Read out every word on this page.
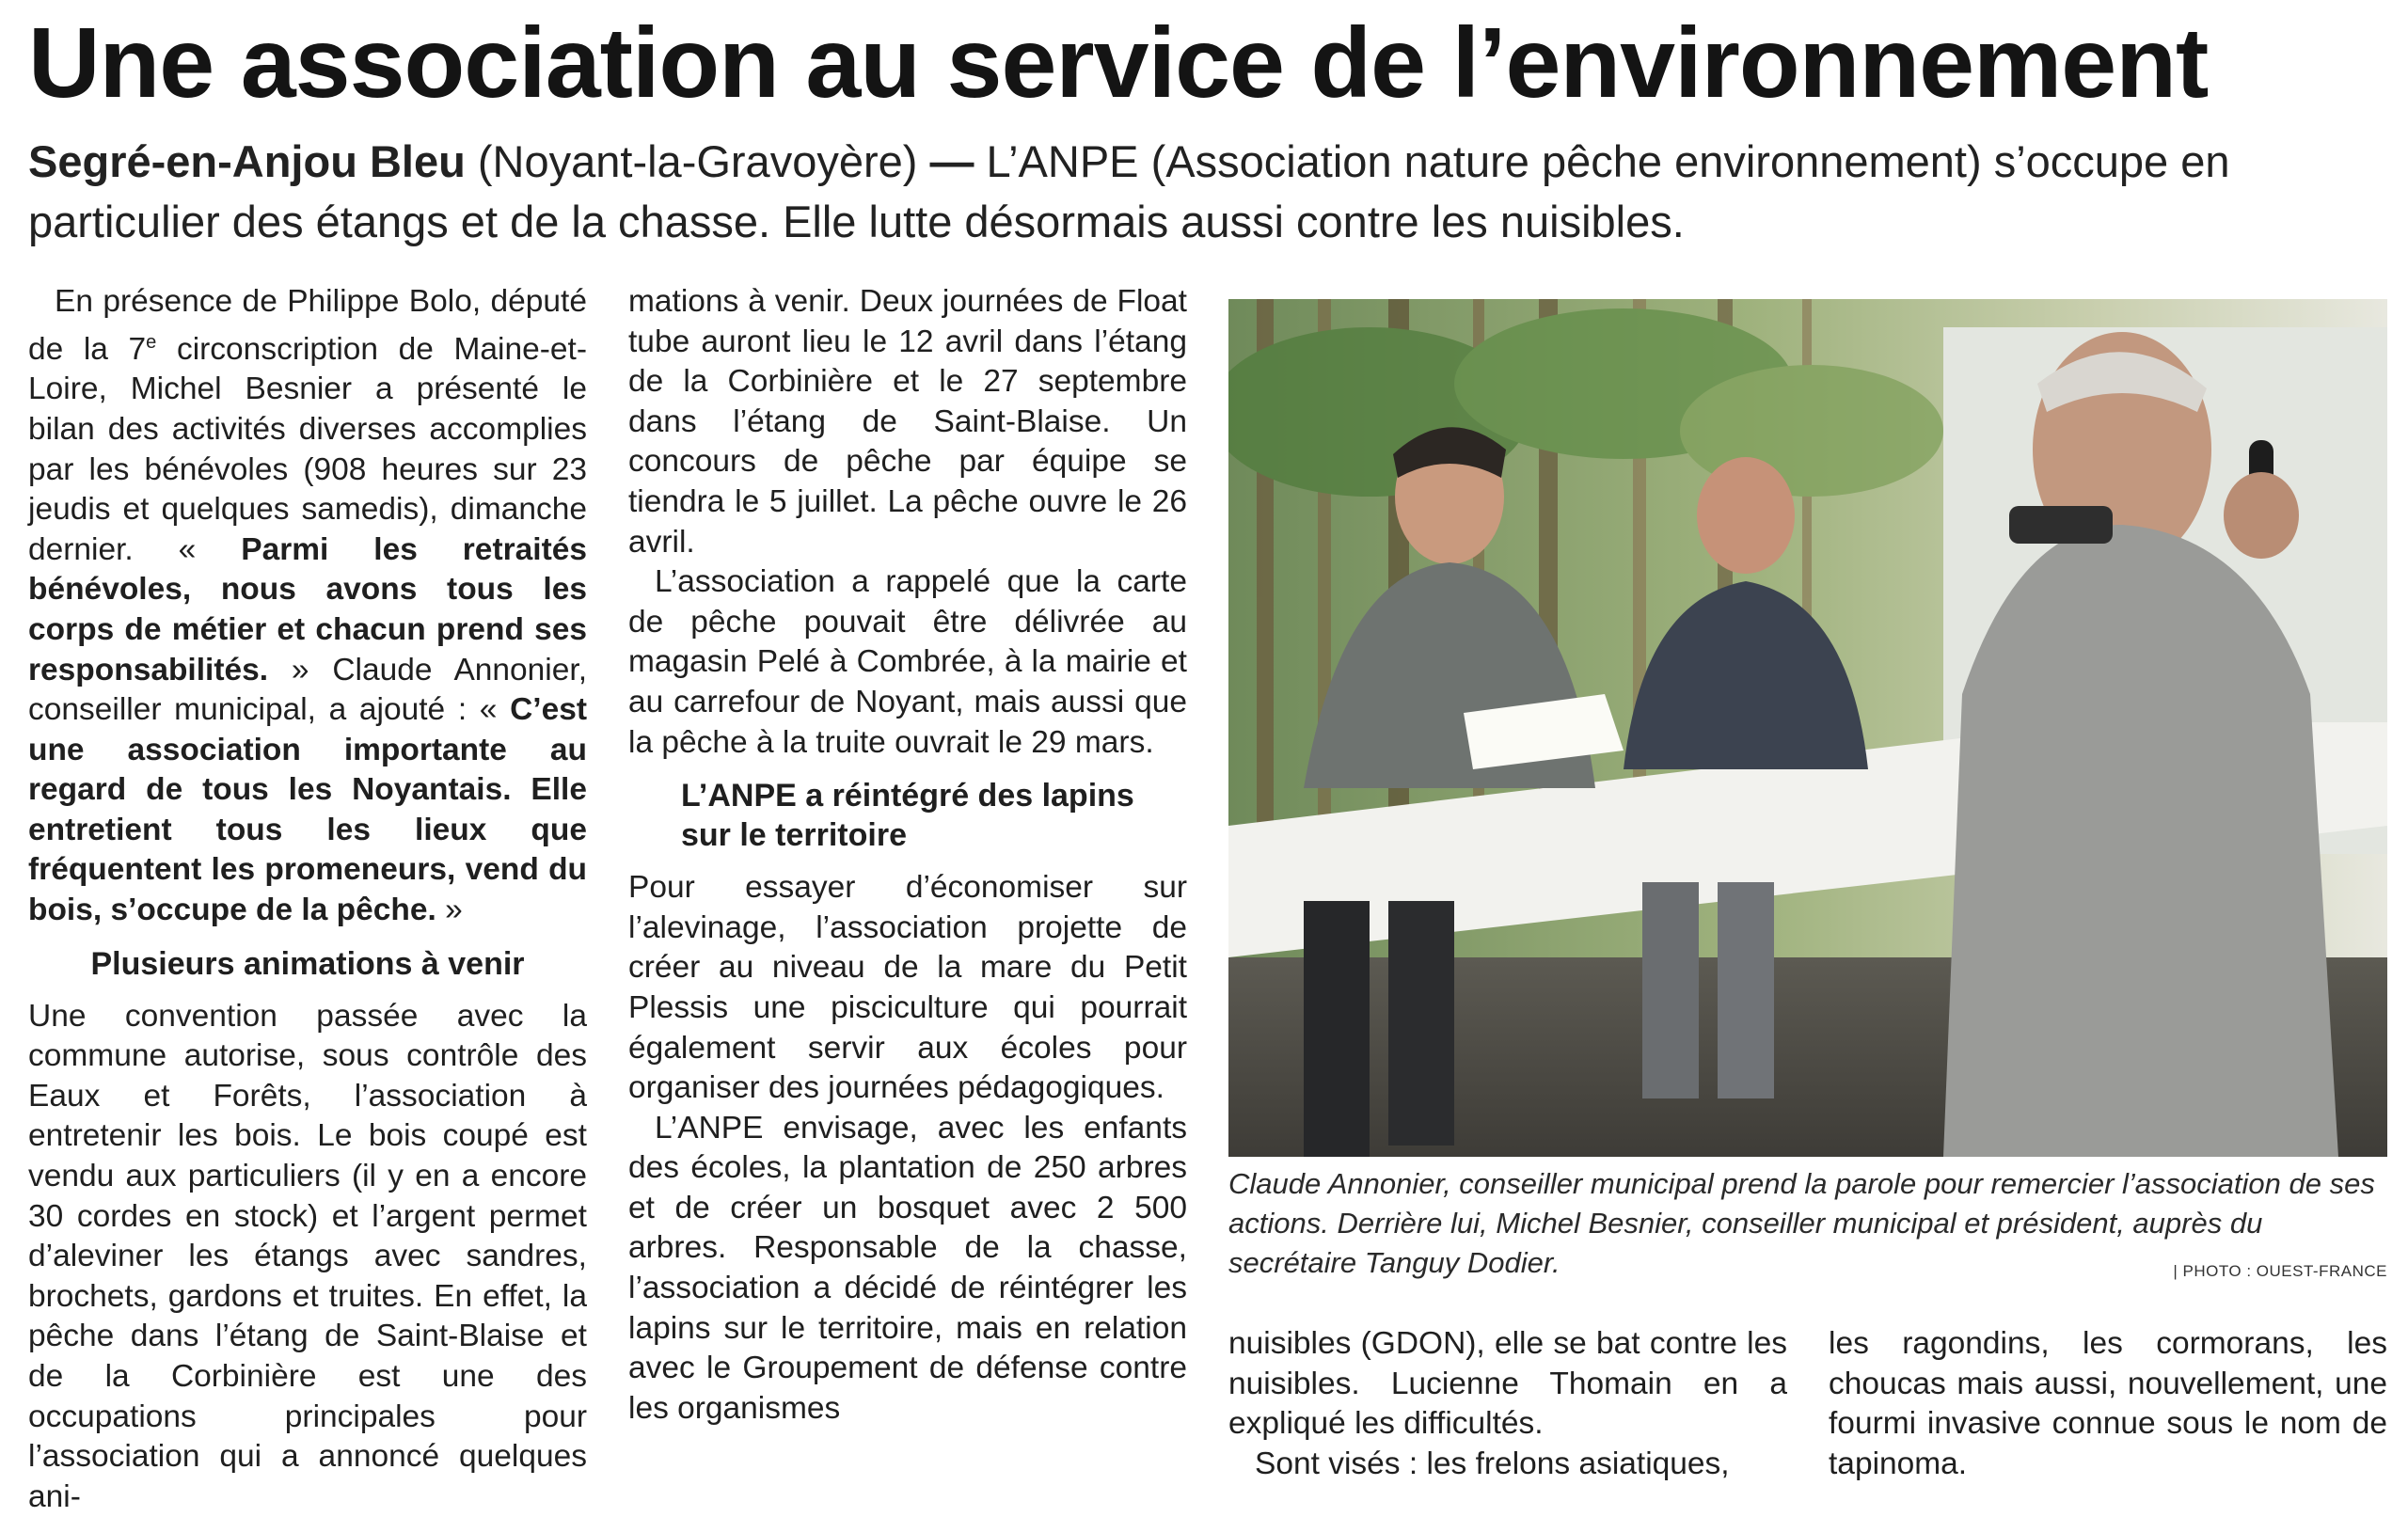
Une association au service de l’environnement
Segré-en-Anjou Bleu (Noyant-la-Gravoyère) — L’ANPE (Association nature pêche environnement) s’occupe en particulier des étangs et de la chasse. Elle lutte désormais aussi contre les nuisibles.

En présence de Philippe Bolo, député de la 7e circonscription de Maine-et-Loire, Michel Besnier a présenté le bilan des activités diverses accomplies par les bénévoles (908 heures sur 23 jeudis et quelques samedis), dimanche dernier. « Parmi les retraités bénévoles, nous avons tous les corps de métier et chacun prend ses responsabilités. » Claude Annonier, conseiller municipal, a ajouté : « C’est une association importante au regard de tous les Noyantais. Elle entretient tous les lieux que fréquentent les promeneurs, vend du bois, s’occupe de la pêche. »

Plusieurs animations à venir

Une convention passée avec la commune autorise, sous contrôle des Eaux et Forêts, l’association à entretenir les bois. Le bois coupé est vendu aux particuliers (il y en a encore 30 cordes en stock) et l’argent permet d’aleviner les étangs avec sandres, brochets, gardons et truites. En effet, la pêche dans l’étang de Saint-Blaise et de la Corbinière est une des occupations principales pour l’association qui a annoncé quelques ani-

mations à venir. Deux journées de Float tube auront lieu le 12 avril dans l’étang de la Corbinière et le 27 septembre dans l’étang de Saint-Blaise. Un concours de pêche par équipe se tiendra le 5 juillet. La pêche ouvre le 26 avril.

L’association a rappelé que la carte de pêche pouvait être délivrée au magasin Pelé à Combrée, à la mairie et au carrefour de Noyant, mais aussi que la pêche à la truite ouvrait le 29 mars.

L’ANPE a réintégré des lapins sur le territoire

Pour essayer d’économiser sur l’alevinage, l’association projette de créer au niveau de la mare du Petit Plessis une pisciculture qui pourrait également servir aux écoles pour organiser des journées pédagogiques.

L’ANPE envisage, avec les enfants des écoles, la plantation de 250 arbres et de créer un bosquet avec 2 500 arbres. Responsable de la chasse, l’association a décidé de réintégrer les lapins sur le territoire, mais en relation avec le Groupement de défense contre les organismes

Claude Annonier, conseiller municipal prend la parole pour remercier l’association de ses actions. Derrière lui, Michel Besnier, conseiller municipal et président, auprès du secrétaire Tanguy Dodier.	| PHOTO : OUEST-FRANCE

nuisibles (GDON), elle se bat contre les nuisibles. Lucienne Thomain en a expliqué les difficultés.

Sont visés : les frelons asiatiques,

les ragondins, les cormorans, les choucas mais aussi, nouvellement, une fourmi invasive connue sous le nom de tapinoma.
